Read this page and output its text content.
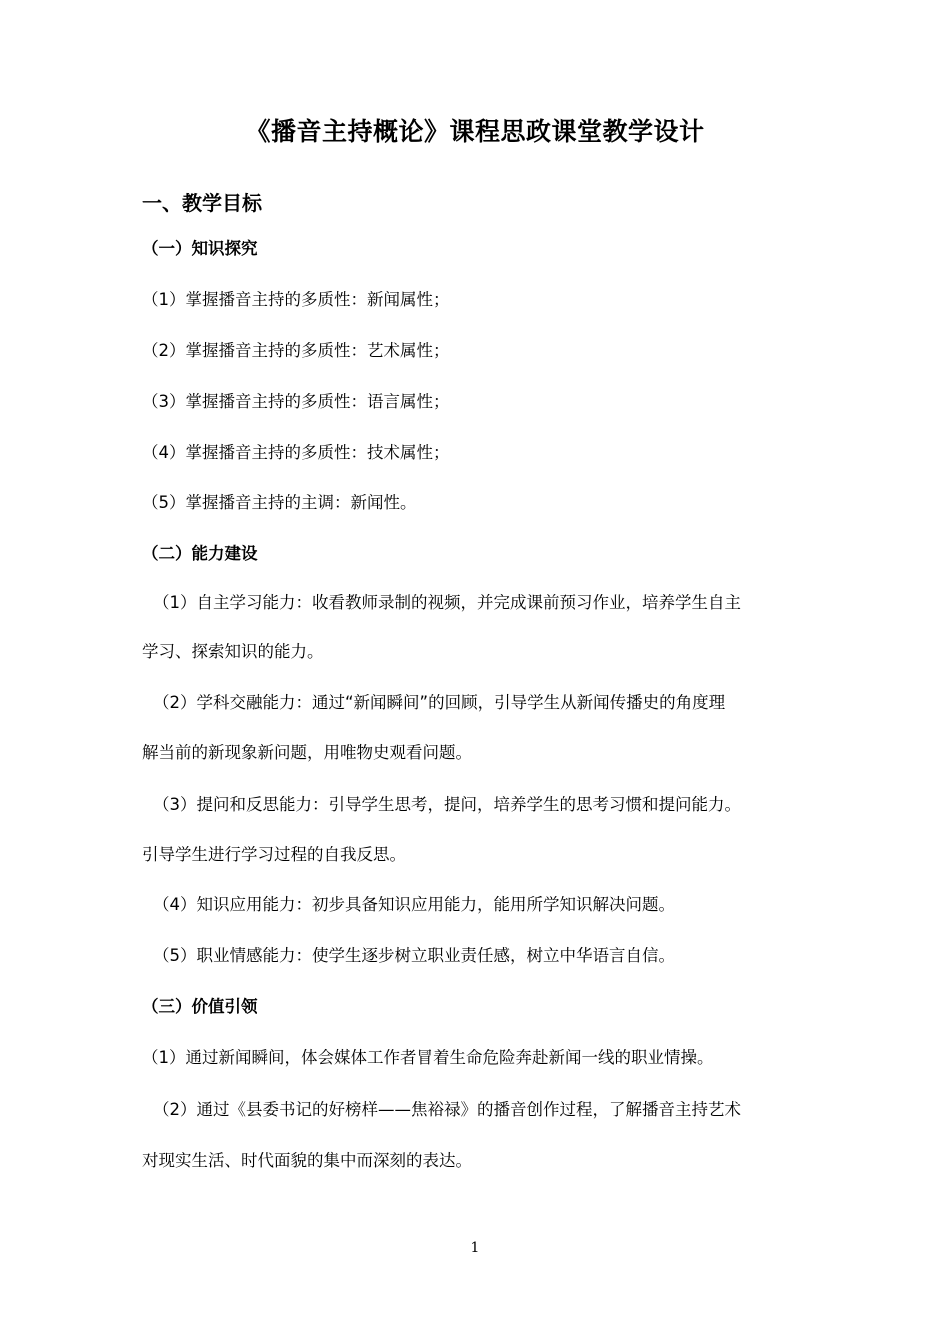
《播音主持概论》课程思政课堂教学设计
一、教学目标
（一）知识探究
（1）掌握播音主持的多质性：新闻属性；
（2）掌握播音主持的多质性：艺术属性；
（3）掌握播音主持的多质性：语言属性；
（4）掌握播音主持的多质性：技术属性；
（5）掌握播音主持的主调：新闻性。
（二）能力建设
（1）自主学习能力：收看教师录制的视频，并完成课前预习作业，培养学生自主
学习、探索知识的能力。
（2）学科交融能力：通过“新闻瞬间”的回顾，引导学生从新闻传播史的角度理
解当前的新现象新问题，用唯物史观看问题。
（3）提问和反思能力：引导学生思考，提问，培养学生的思考习惯和提问能力。
引导学生进行学习过程的自我反思。
（4）知识应用能力：初步具备知识应用能力，能用所学知识解决问题。
（5）职业情感能力：使学生逐步树立职业责任感，树立中华语言自信。
（三）价值引领
（1）通过新闻瞬间，体会媒体工作者冒着生命危险奔赴新闻一线的职业情操。
（2）通过《县委书记的好榜样——焦裕禄》的播音创作过程，了解播音主持艺术
对现实生活、时代面貌的集中而深刻的表达。
1
